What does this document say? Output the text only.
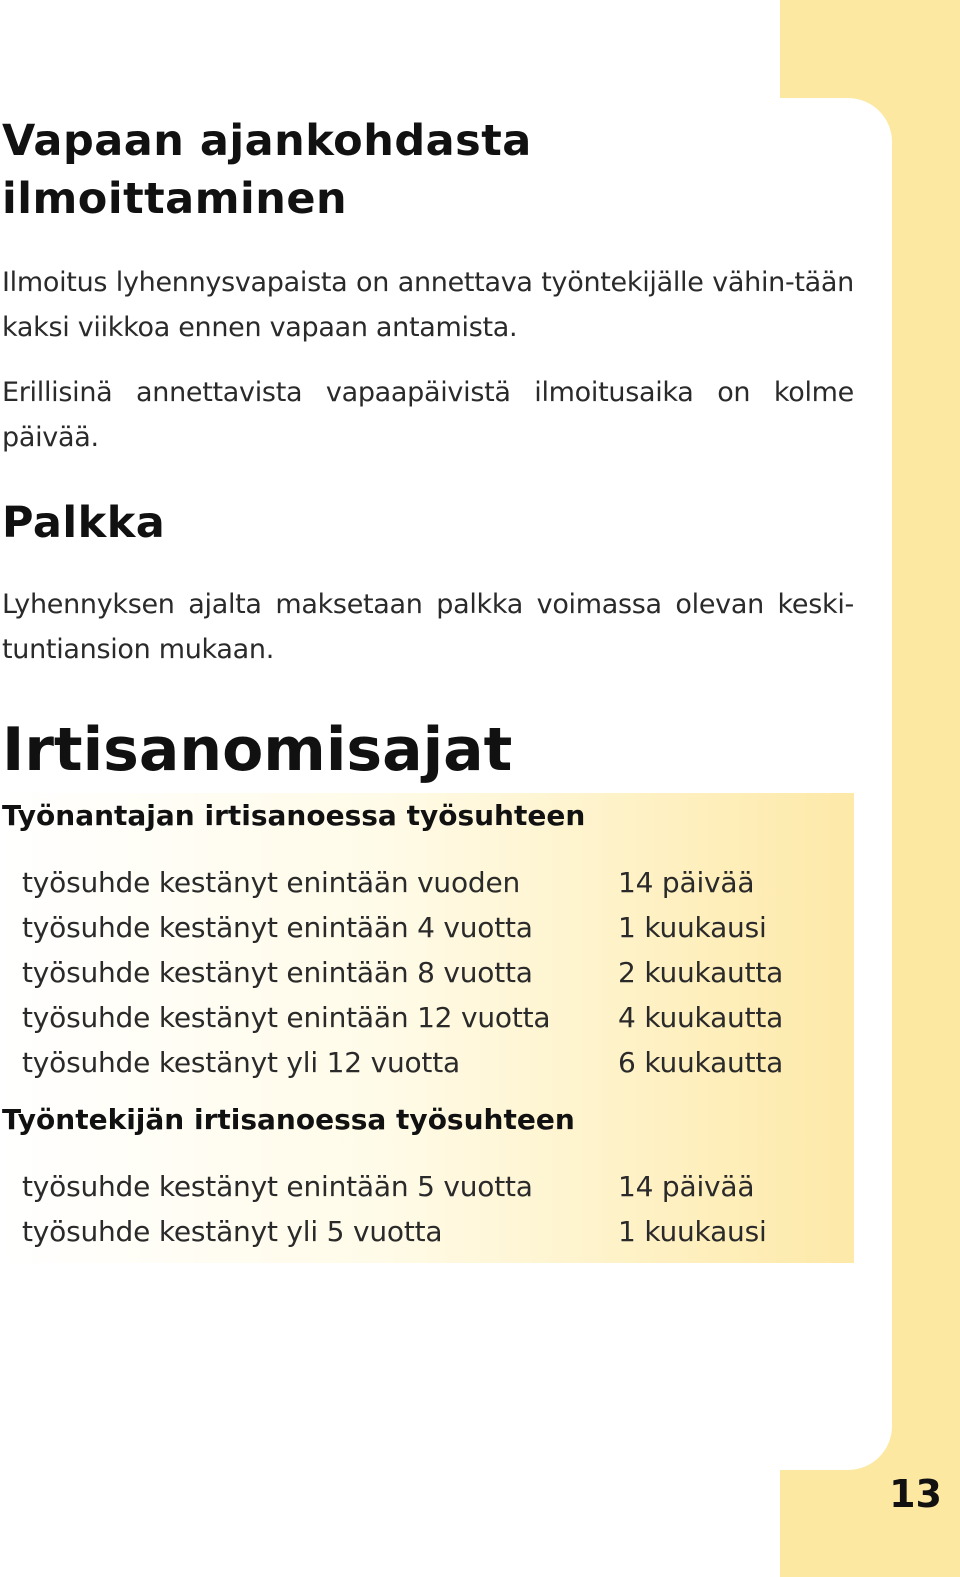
Vapaan ajankohdasta
ilmoittaminen

Ilmoitus lyhennysvapaista on annettava työntekijälle vähin-tään kaksi viikkoa ennen vapaan antamista.

Erillisinä annettavista vapaapäivistä ilmoitusaika on kolme päivää.

Palkka

Lyhennyksen ajalta maksetaan palkka voimassa olevan keski-tuntiansion mukaan.

Irtisanomisajat
Työnantajan irtisanoessa työsuhteen
työsuhde kestänyt enintään vuoden	14 päivää
työsuhde kestänyt enintään 4 vuotta	1 kuukausi
työsuhde kestänyt enintään 8 vuotta	2 kuukautta
työsuhde kestänyt enintään 12 vuotta	4 kuukautta
työsuhde kestänyt yli 12 vuotta	6 kuukautta
Työntekijän irtisanoessa työsuhteen
työsuhde kestänyt enintään 5 vuotta	14 päivää
työsuhde kestänyt yli 5 vuotta	1 kuukausi
13
